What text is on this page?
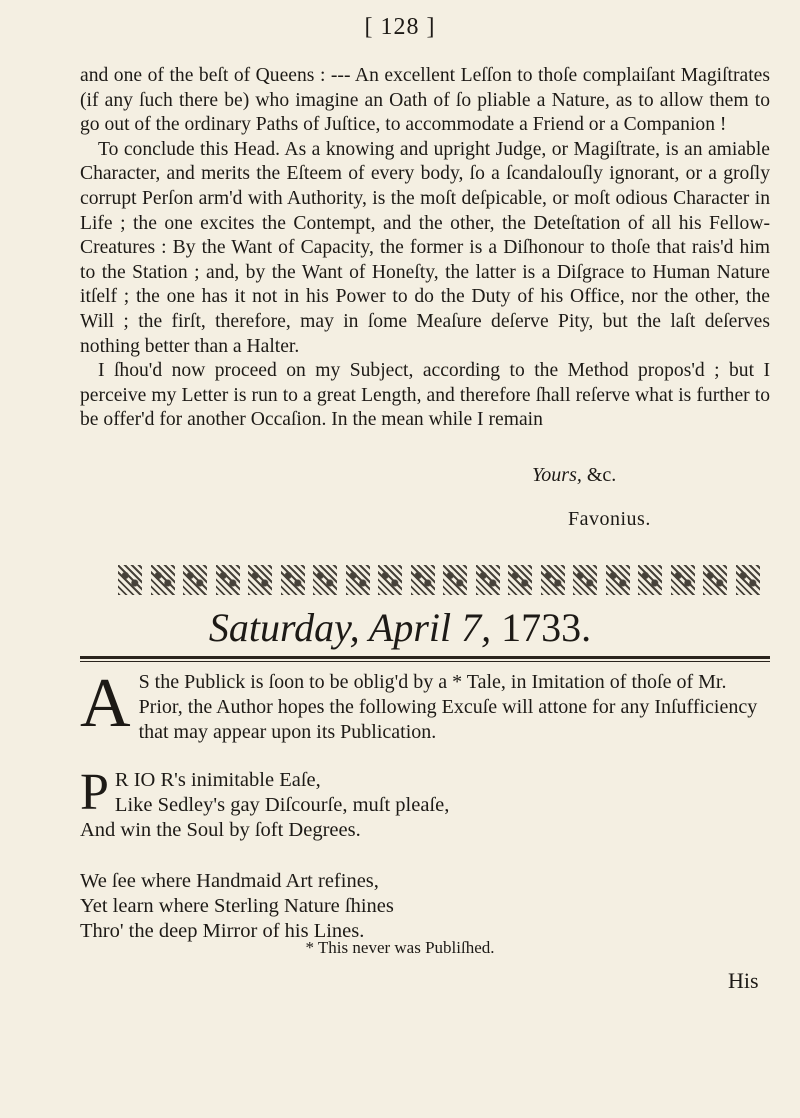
[ 128 ]

and one of the beſt of Queens : --- An excellent Leſſon to thoſe complaiſant Magiſtrates (if any ſuch there be) who imagine an Oath of ſo pliable a Nature, as to allow them to go out of the ordinary Paths of Juſtice, to accommodate a Friend or a Companion !

To conclude this Head. As a knowing and upright Judge, or Magiſtrate, is an amiable Character, and merits the Eſteem of every body, ſo a ſcandalouſly ignorant, or a groſly corrupt Perſon arm'd with Authority, is the moſt deſpicable, or moſt odious Character in Life ; the one excites the Contempt, and the other, the Deteſtation of all his Fellow-Creatures : By the Want of Capacity, the former is a Diſhonour to thoſe that rais'd him to the Station ; and, by the Want of Honeſty, the latter is a Diſgrace to Human Nature itſelf ; the one has it not in his Power to do the Duty of his Office, nor the other, the Will ; the firſt, therefore, may in ſome Meaſure deſerve Pity, but the laſt deſerves nothing better than a Halter.

I ſhou'd now proceed on my Subject, according to the Method propos'd ; but I perceive my Letter is run to a great Length, and therefore ſhall reſerve what is further to be offer'd for another Occaſion. In the mean while I remain

Yours, &c.
Favonius.
Saturday, April 7, 1733.
A S the Publick is ſoon to be oblig'd by a * Tale, in Imitation of thoſe of Mr. Prior, the Author hopes the following Excuſe will attone for any Inſufficiency that may appear upon its Publication.
P R IO R's inimitable Eaſe,
Like Sedley's gay Diſcourſe, muſt pleaſe,
And win the Soul by ſoft Degrees.
We ſee where Handmaid Art refines,
Yet learn where Sterling Nature ſhines
Thro' the deep Mirror of his Lines.
* This never was Publiſhed.
His
